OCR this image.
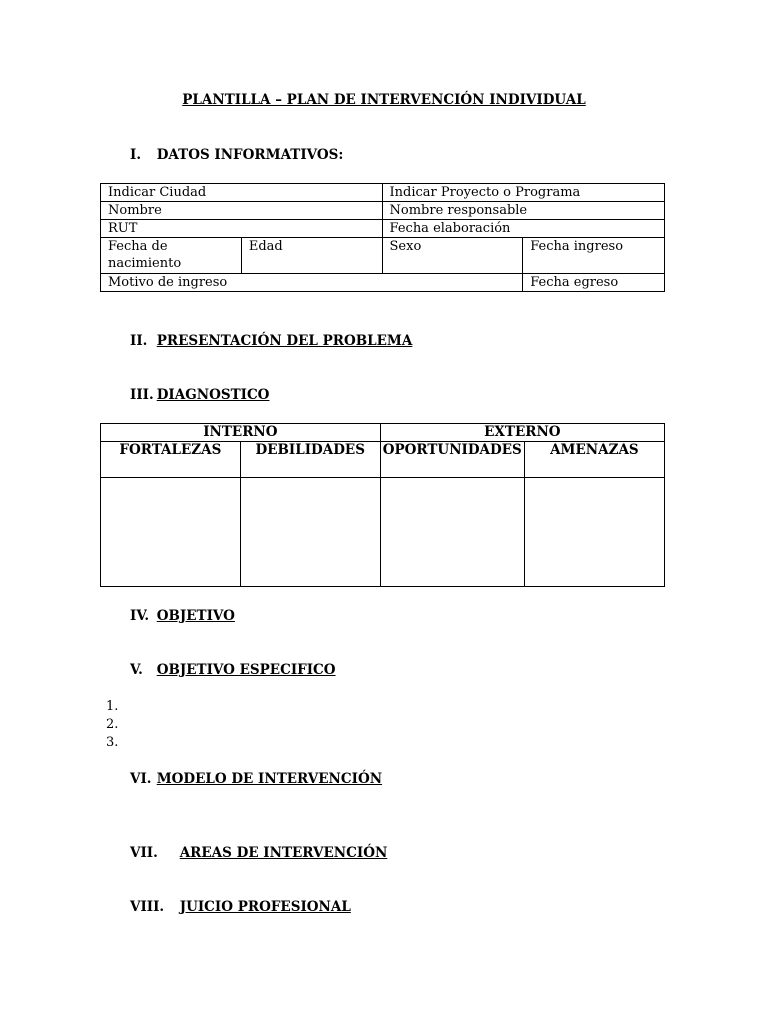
PLANTILLA – PLAN DE INTERVENCIÓN INDIVIDUAL
I. DATOS INFORMATIVOS:
Indicar Ciudad		Indicar Proyecto o Programa	
Nombre		Nombre responsable	
RUT		Fecha elaboración	
Fecha de nacimiento	Edad	Sexo	Fecha ingreso
Motivo de ingreso			Fecha egreso
II. PRESENTACIÓN DEL PROBLEMA
III. DIAGNOSTICO
INTERNO		EXTERNO	
FORTALEZAS	DEBILIDADES	OPORTUNIDADES	AMENAZAS

IV. OBJETIVO
V. OBJETIVO ESPECIFICO
1.
2.
3.
VI. MODELO DE INTERVENCIÓN
VII. AREAS DE INTERVENCIÓN
VIII. JUICIO PROFESIONAL
